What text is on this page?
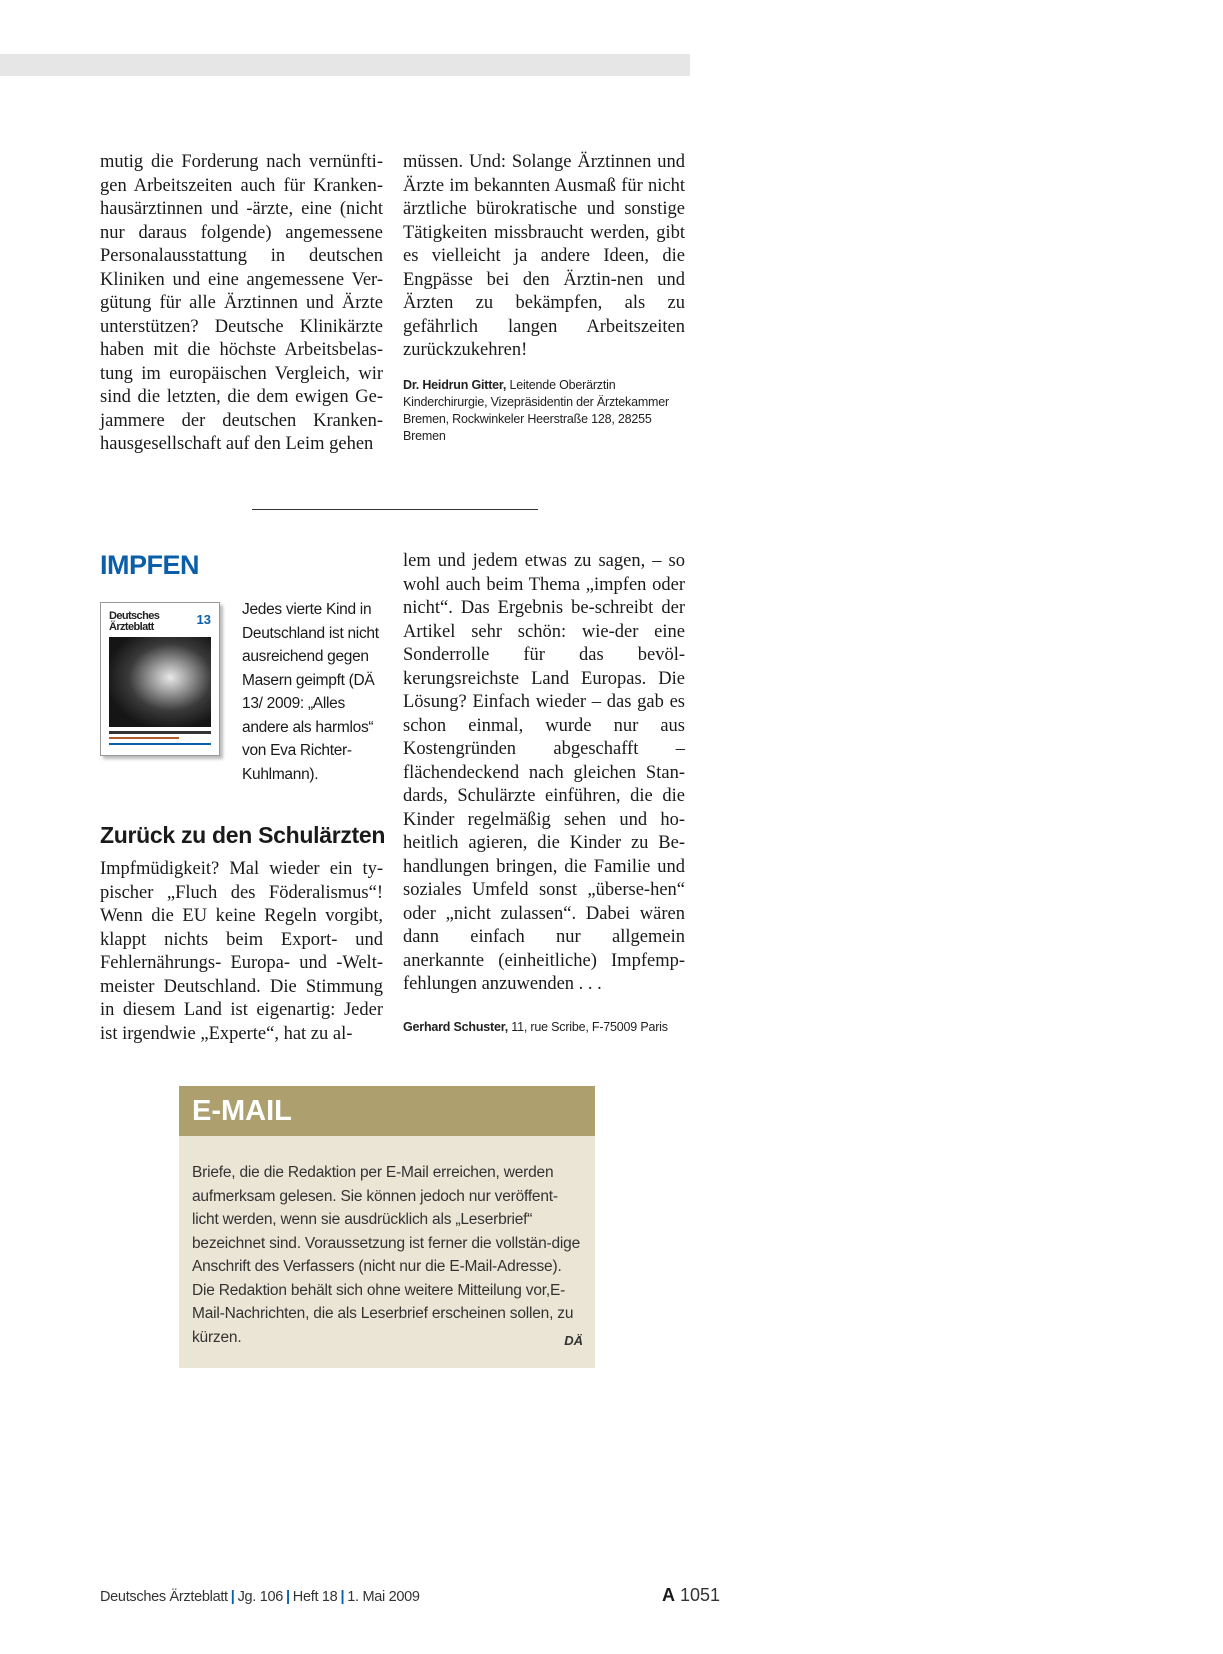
mutig die Forderung nach vernünfti-gen Arbeitszeiten auch für Kranken-hausärztinnen und -ärzte, eine (nicht nur daraus folgende) angemessene Personalausstattung in deutschen Kliniken und eine angemessene Ver-gütung für alle Ärztinnen und Ärzte unterstützen? Deutsche Klinikärzte haben mit die höchste Arbeitsbelas-tung im europäischen Vergleich, wir sind die letzten, die dem ewigen Ge-jammere der deutschen Kranken-hausgesellschaft auf den Leim gehen

müssen. Und: Solange Ärztinnen und Ärzte im bekannten Ausmaß für nicht ärztliche bürokratische und sonstige Tätigkeiten missbraucht werden, gibt es vielleicht ja andere Ideen, die Engpässe bei den Ärztin-nen und Ärzten zu bekämpfen, als zu gefährlich langen Arbeitszeiten zurückzukehren!

Dr. Heidrun Gitter, Leitende Oberärztin Kinderchirurgie, Vizepräsidentin der Ärztekammer Bremen, Rockwinkeler Heerstraße 128, 28255 Bremen
IMPFEN
Deutsches
Ärzteblatt	13
Jedes vierte Kind in Deutschland ist nicht ausreichend gegen Masern geimpft (DÄ 13/ 2009: „Alles andere als harmlos“ von Eva Richter-Kuhlmann).
Zurück zu den Schulärzten

Impfmüdigkeit? Mal wieder ein ty-pischer „Fluch des Föderalismus“! Wenn die EU keine Regeln vorgibt, klappt nichts beim Export- und Fehlernährungs- Europa- und -Welt-meister Deutschland. Die Stimmung in diesem Land ist eigenartig: Jeder ist irgendwie „Experte“, hat zu al-

lem und jedem etwas zu sagen, – so wohl auch beim Thema „impfen oder nicht“. Das Ergebnis be-schreibt der Artikel sehr schön: wie-der eine Sonderrolle für das bevöl-kerungsreichste Land Europas. Die Lösung? Einfach wieder – das gab es schon einmal, wurde nur aus Kostengründen abgeschafft – flächendeckend nach gleichen Stan-dards, Schulärzte einführen, die die Kinder regelmäßig sehen und ho-heitlich agieren, die Kinder zu Be-handlungen bringen, die Familie und soziales Umfeld sonst „überse-hen“ oder „nicht zulassen“. Dabei wären dann einfach nur allgemein anerkannte (einheitliche) Impfemp-fehlungen anzuwenden . . .

Gerhard Schuster, 11, rue Scribe, F-75009 Paris
E-MAIL
Briefe, die die Redaktion per E-Mail erreichen, werden aufmerksam gelesen. Sie können jedoch nur veröffent-licht werden, wenn sie ausdrücklich als „Leserbrief“ bezeichnet sind. Voraussetzung ist ferner die vollstän-dige Anschrift des Verfassers (nicht nur die E-Mail-Adresse). Die Redaktion behält sich ohne weitere Mitteilung vor,E-Mail-Nachrichten, die als Leserbrief erscheinen sollen, zu kürzen.	DÄ
Deutsches Ärzteblatt | Jg. 106 | Heft 18 | 1. Mai 2009	A 1051
